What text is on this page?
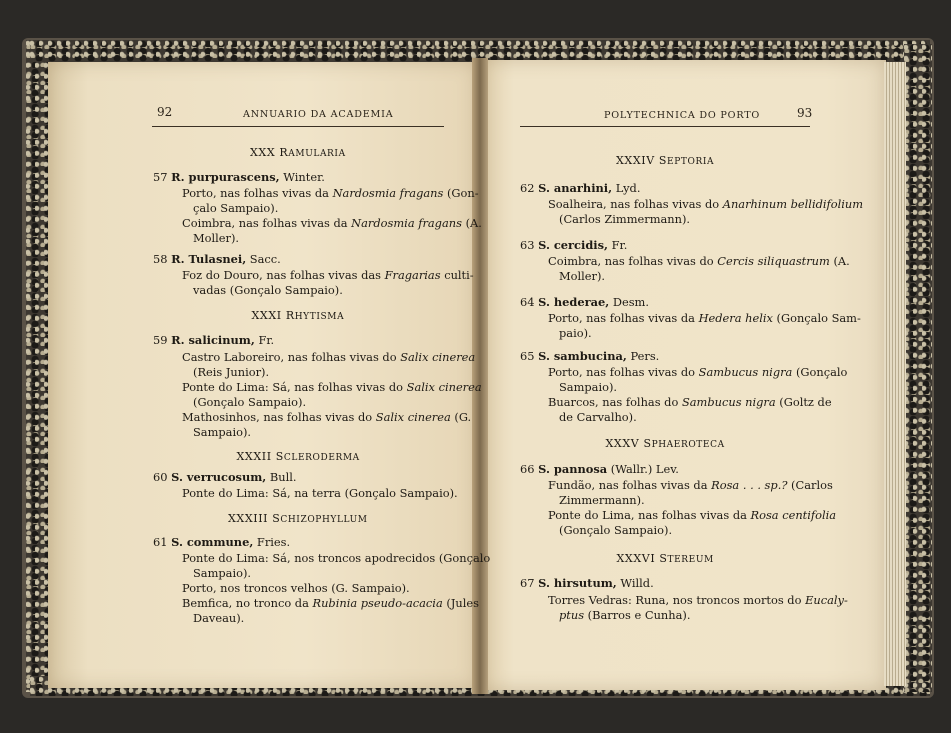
92	ANNUARIO DA ACADEMIA	POLYTECHNICA DO PORTO	93
XXX RAMULARIA
57 R. purpurascens, Winter.
Porto, nas folhas vivas da Nardosmia fragans (Gon-
çalo Sampaio).
Coimbra, nas folhas vivas da Nardosmia fragans (A.
Moller).
58 R. Tulasnei, Sacc.
Foz do Douro, nas folhas vivas das Fragarias culti-
vadas (Gonçalo Sampaio).
XXXI RHYTISMA
59 R. salicinum, Fr.
Castro Laboreiro, nas folhas vivas do Salix cinerea
(Reis Junior).
Ponte do Lima: Sá, nas folhas vivas do Salix cinerea
(Gonçalo Sampaio).
Mathosinhos, nas folhas vivas do Salix cinerea (G.
Sampaio).
XXXII SCLERODERMA
60 S. verrucosum, Bull.
Ponte do Lima: Sá, na terra (Gonçalo Sampaio).
XXXIII SCHIZOPHYLLUM
61 S. commune, Fries.
Ponte do Lima: Sá, nos troncos apodrecidos (Gonçalo
Sampaio).
Porto, nos troncos velhos (G. Sampaio).
Bemfica, no tronco da Rubinia pseudo-acacia (Jules
Daveau).
XXXIV SEPTORIA
62 S. anarhini, Lyd.
Soalheira, nas folhas vivas do Anarhinum bellidifolium
(Carlos Zimmermann).
63 S. cercidis, Fr.
Coimbra, nas folhas vivas do Cercis siliquastrum (A.
Moller).
64 S. hederae, Desm.
Porto, nas folhas vivas da Hedera helix (Gonçalo Sam-
paio).
65 S. sambucina, Pers.
Porto, nas folhas vivas do Sambucus nigra (Gonçalo
Sampaio).
Buarcos, nas folhas do Sambucus nigra (Goltz de
de Carvalho).
XXXV SPHAEROTECA
66 S. pannosa (Wallr.) Lev.
Fundão, nas folhas vivas da Rosa . . . sp.? (Carlos
Zimmermann).
Ponte do Lima, nas folhas vivas da Rosa centifolia
(Gonçalo Sampaio).
XXXVI STEREUM
67 S. hirsutum, Willd.
Torres Vedras: Runa, nos troncos mortos do Eucaly-
ptus (Barros e Cunha).
